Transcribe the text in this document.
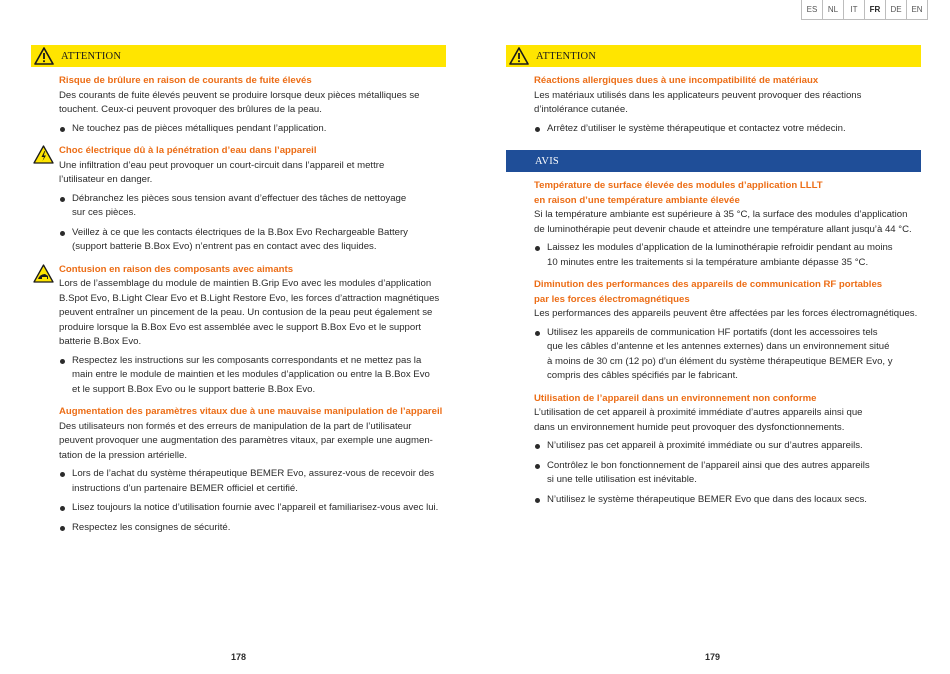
ES	NL	IT	FR	DE	EN
ATTENTION
Risque de brûlure en raison de courants de fuite élevés
Des courants de fuite élevés peuvent se produire lorsque deux pièces métalliques se
touchent. Ceux-ci peuvent provoquer des brûlures de la peau.
Ne touchez pas de pièces métalliques pendant l’application.
Choc électrique dû à la pénétration d’eau dans l’appareil
Une infiltration d’eau peut provoquer un court-circuit dans l’appareil et mettre
l’utilisateur en danger.
Débranchez les pièces sous tension avant d’effectuer des tâches de nettoyage
sur ces pièces.
Veillez à ce que les contacts électriques de la B.Box Evo Rechargeable Battery
(support batterie B.Box Evo) n’entrent pas en contact avec des liquides.
Contusion en raison des composants avec aimants
Lors de l’assemblage du module de maintien B.Grip Evo avec les modules d’application
B.Spot Evo, B.Light Clear Evo et B.Light Restore Evo, les forces d’attraction magnétiques
peuvent entraîner un pincement de la peau. Un contusion de la peau peut également se
produire lorsque la B.Box Evo est assemblée avec le support B.Box Evo et le support
batterie B.Box Evo.
Respectez les instructions sur les composants correspondants et ne mettez pas la
main entre le module de maintien et les modules d’application ou entre la B.Box Evo
et le support B.Box Evo ou le support batterie B.Box Evo.
Augmentation des paramètres vitaux due à une mauvaise manipulation de l’appareil
Des utilisateurs non formés et des erreurs de manipulation de la part de l’utilisateur
peuvent provoquer une augmentation des paramètres vitaux, par exemple une augmen-
tation de la pression artérielle.
Lors de l’achat du système thérapeutique BEMER Evo, assurez-vous de recevoir des
instructions d’un partenaire BEMER officiel et certifié.
Lisez toujours la notice d’utilisation fournie avec l’appareil et familiarisez-vous avec lui.
Respectez les consignes de sécurité.
178
ATTENTION
Réactions allergiques dues à une incompatibilité de matériaux
Les matériaux utilisés dans les applicateurs peuvent provoquer des réactions
d’intolérance cutanée.
Arrêtez d’utiliser le système thérapeutique et contactez votre médecin.
AVIS
Température de surface élevée des modules d’application LLLT
en raison d’une température ambiante élevée
Si la température ambiante est supérieure à 35 °C, la surface des modules d’application
de luminothérapie peut devenir chaude et atteindre une température allant jusqu’à 44 °C.
Laissez les modules d’application de la luminothérapie refroidir pendant au moins
10 minutes entre les traitements si la température ambiante dépasse 35 °C.
Diminution des performances des appareils de communication RF portables
par les forces électromagnétiques
Les performances des appareils peuvent être affectées par les forces électromagnétiques.
Utilisez les appareils de communication HF portatifs (dont les accessoires tels
que les câbles d’antenne et les antennes externes) dans un environnement situé
à moins de 30 cm (12 po) d’un élément du système thérapeutique BEMER Evo, y
compris des câbles spécifiés par le fabricant.
Utilisation de l’appareil dans un environnement non conforme
L’utilisation de cet appareil à proximité immédiate d’autres appareils ainsi que
dans un environnement humide peut provoquer des dysfonctionnements.
N’utilisez pas cet appareil à proximité immédiate ou sur d’autres appareils.
Contrôlez le bon fonctionnement de l’appareil ainsi que des autres appareils
si une telle utilisation est inévitable.
N’utilisez le système thérapeutique BEMER Evo que dans des locaux secs.
179
